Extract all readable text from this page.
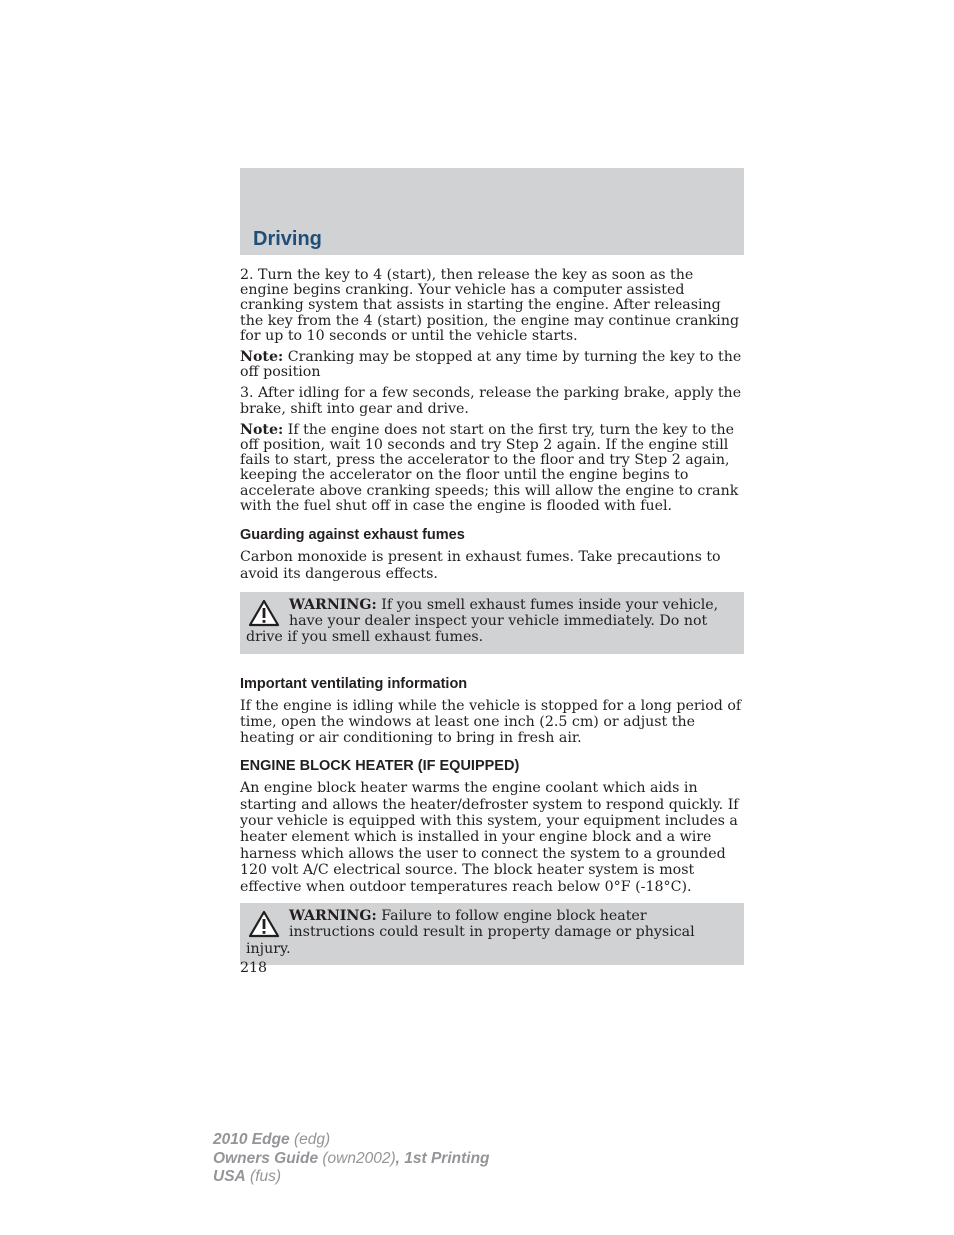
Driving

2. Turn the key to 4 (start), then release the key as soon as the engine begins cranking. Your vehicle has a computer assisted cranking system that assists in starting the engine. After releasing the key from the 4 (start) position, the engine may continue cranking for up to 10 seconds or until the vehicle starts.

Note: Cranking may be stopped at any time by turning the key to the off position

3. After idling for a few seconds, release the parking brake, apply the brake, shift into gear and drive.

Note: If the engine does not start on the first try, turn the key to the off position, wait 10 seconds and try Step 2 again. If the engine still fails to start, press the accelerator to the floor and try Step 2 again, keeping the accelerator on the floor until the engine begins to accelerate above cranking speeds; this will allow the engine to crank with the fuel shut off in case the engine is flooded with fuel.

Guarding against exhaust fumes

Carbon monoxide is present in exhaust fumes. Take precautions to avoid its dangerous effects.

WARNING: If you smell exhaust fumes inside your vehicle, have your dealer inspect your vehicle immediately. Do not drive if you smell exhaust fumes.
Important ventilating information

If the engine is idling while the vehicle is stopped for a long period of time, open the windows at least one inch (2.5 cm) or adjust the heating or air conditioning to bring in fresh air.

ENGINE BLOCK HEATER (IF EQUIPPED)

An engine block heater warms the engine coolant which aids in starting and allows the heater/defroster system to respond quickly. If your vehicle is equipped with this system, your equipment includes a heater element which is installed in your engine block and a wire harness which allows the user to connect the system to a grounded 120 volt A/C electrical source. The block heater system is most effective when outdoor temperatures reach below 0°F (-18°C).

WARNING: Failure to follow engine block heater instructions could result in property damage or physical injury.
218
2010 Edge (edg)
Owners Guide (own2002), 1st Printing
USA (fus)
